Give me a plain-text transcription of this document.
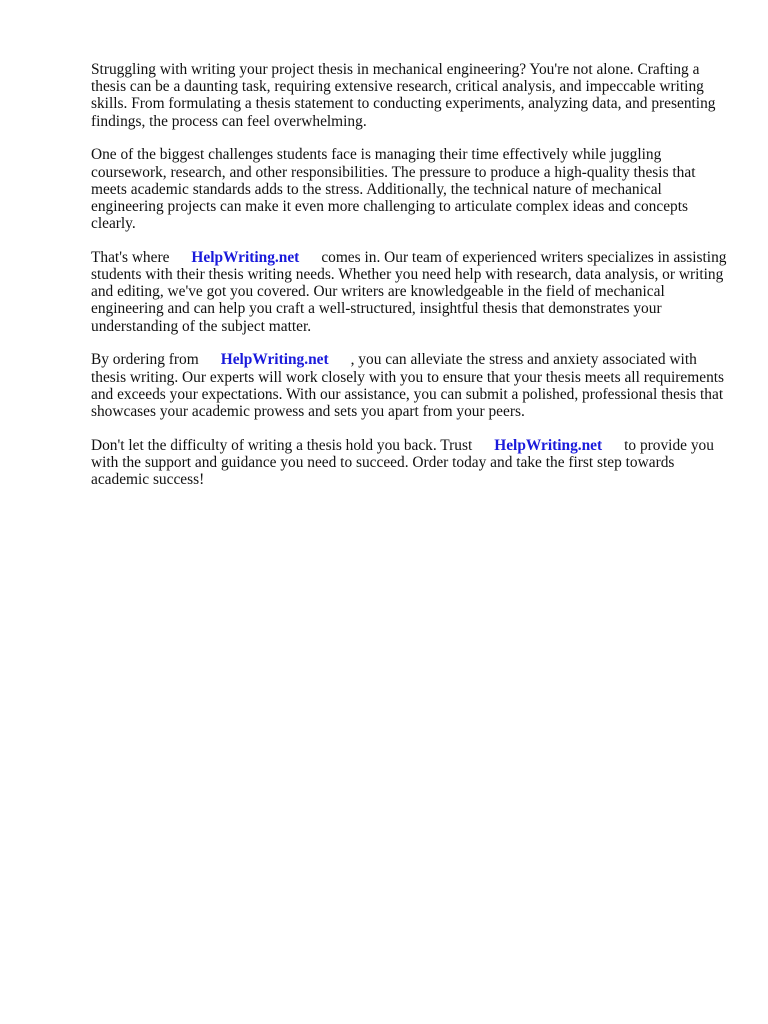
Struggling with writing your project thesis in mechanical engineering? You're not alone. Crafting a thesis can be a daunting task, requiring extensive research, critical analysis, and impeccable writing skills. From formulating a thesis statement to conducting experiments, analyzing data, and presenting findings, the process can feel overwhelming.

One of the biggest challenges students face is managing their time effectively while juggling coursework, research, and other responsibilities. The pressure to produce a high-quality thesis that meets academic standards adds to the stress. Additionally, the technical nature of mechanical engineering projects can make it even more challenging to articulate complex ideas and concepts clearly.

That's where HelpWriting.net comes in. Our team of experienced writers specializes in assisting students with their thesis writing needs. Whether you need help with research, data analysis, or writing and editing, we've got you covered. Our writers are knowledgeable in the field of mechanical engineering and can help you craft a well-structured, insightful thesis that demonstrates your understanding of the subject matter.

By ordering from HelpWriting.net , you can alleviate the stress and anxiety associated with thesis writing. Our experts will work closely with you to ensure that your thesis meets all requirements and exceeds your expectations. With our assistance, you can submit a polished, professional thesis that showcases your academic prowess and sets you apart from your peers.

Don't let the difficulty of writing a thesis hold you back. Trust HelpWriting.net to provide you with the support and guidance you need to succeed. Order today and take the first step towards academic success!
